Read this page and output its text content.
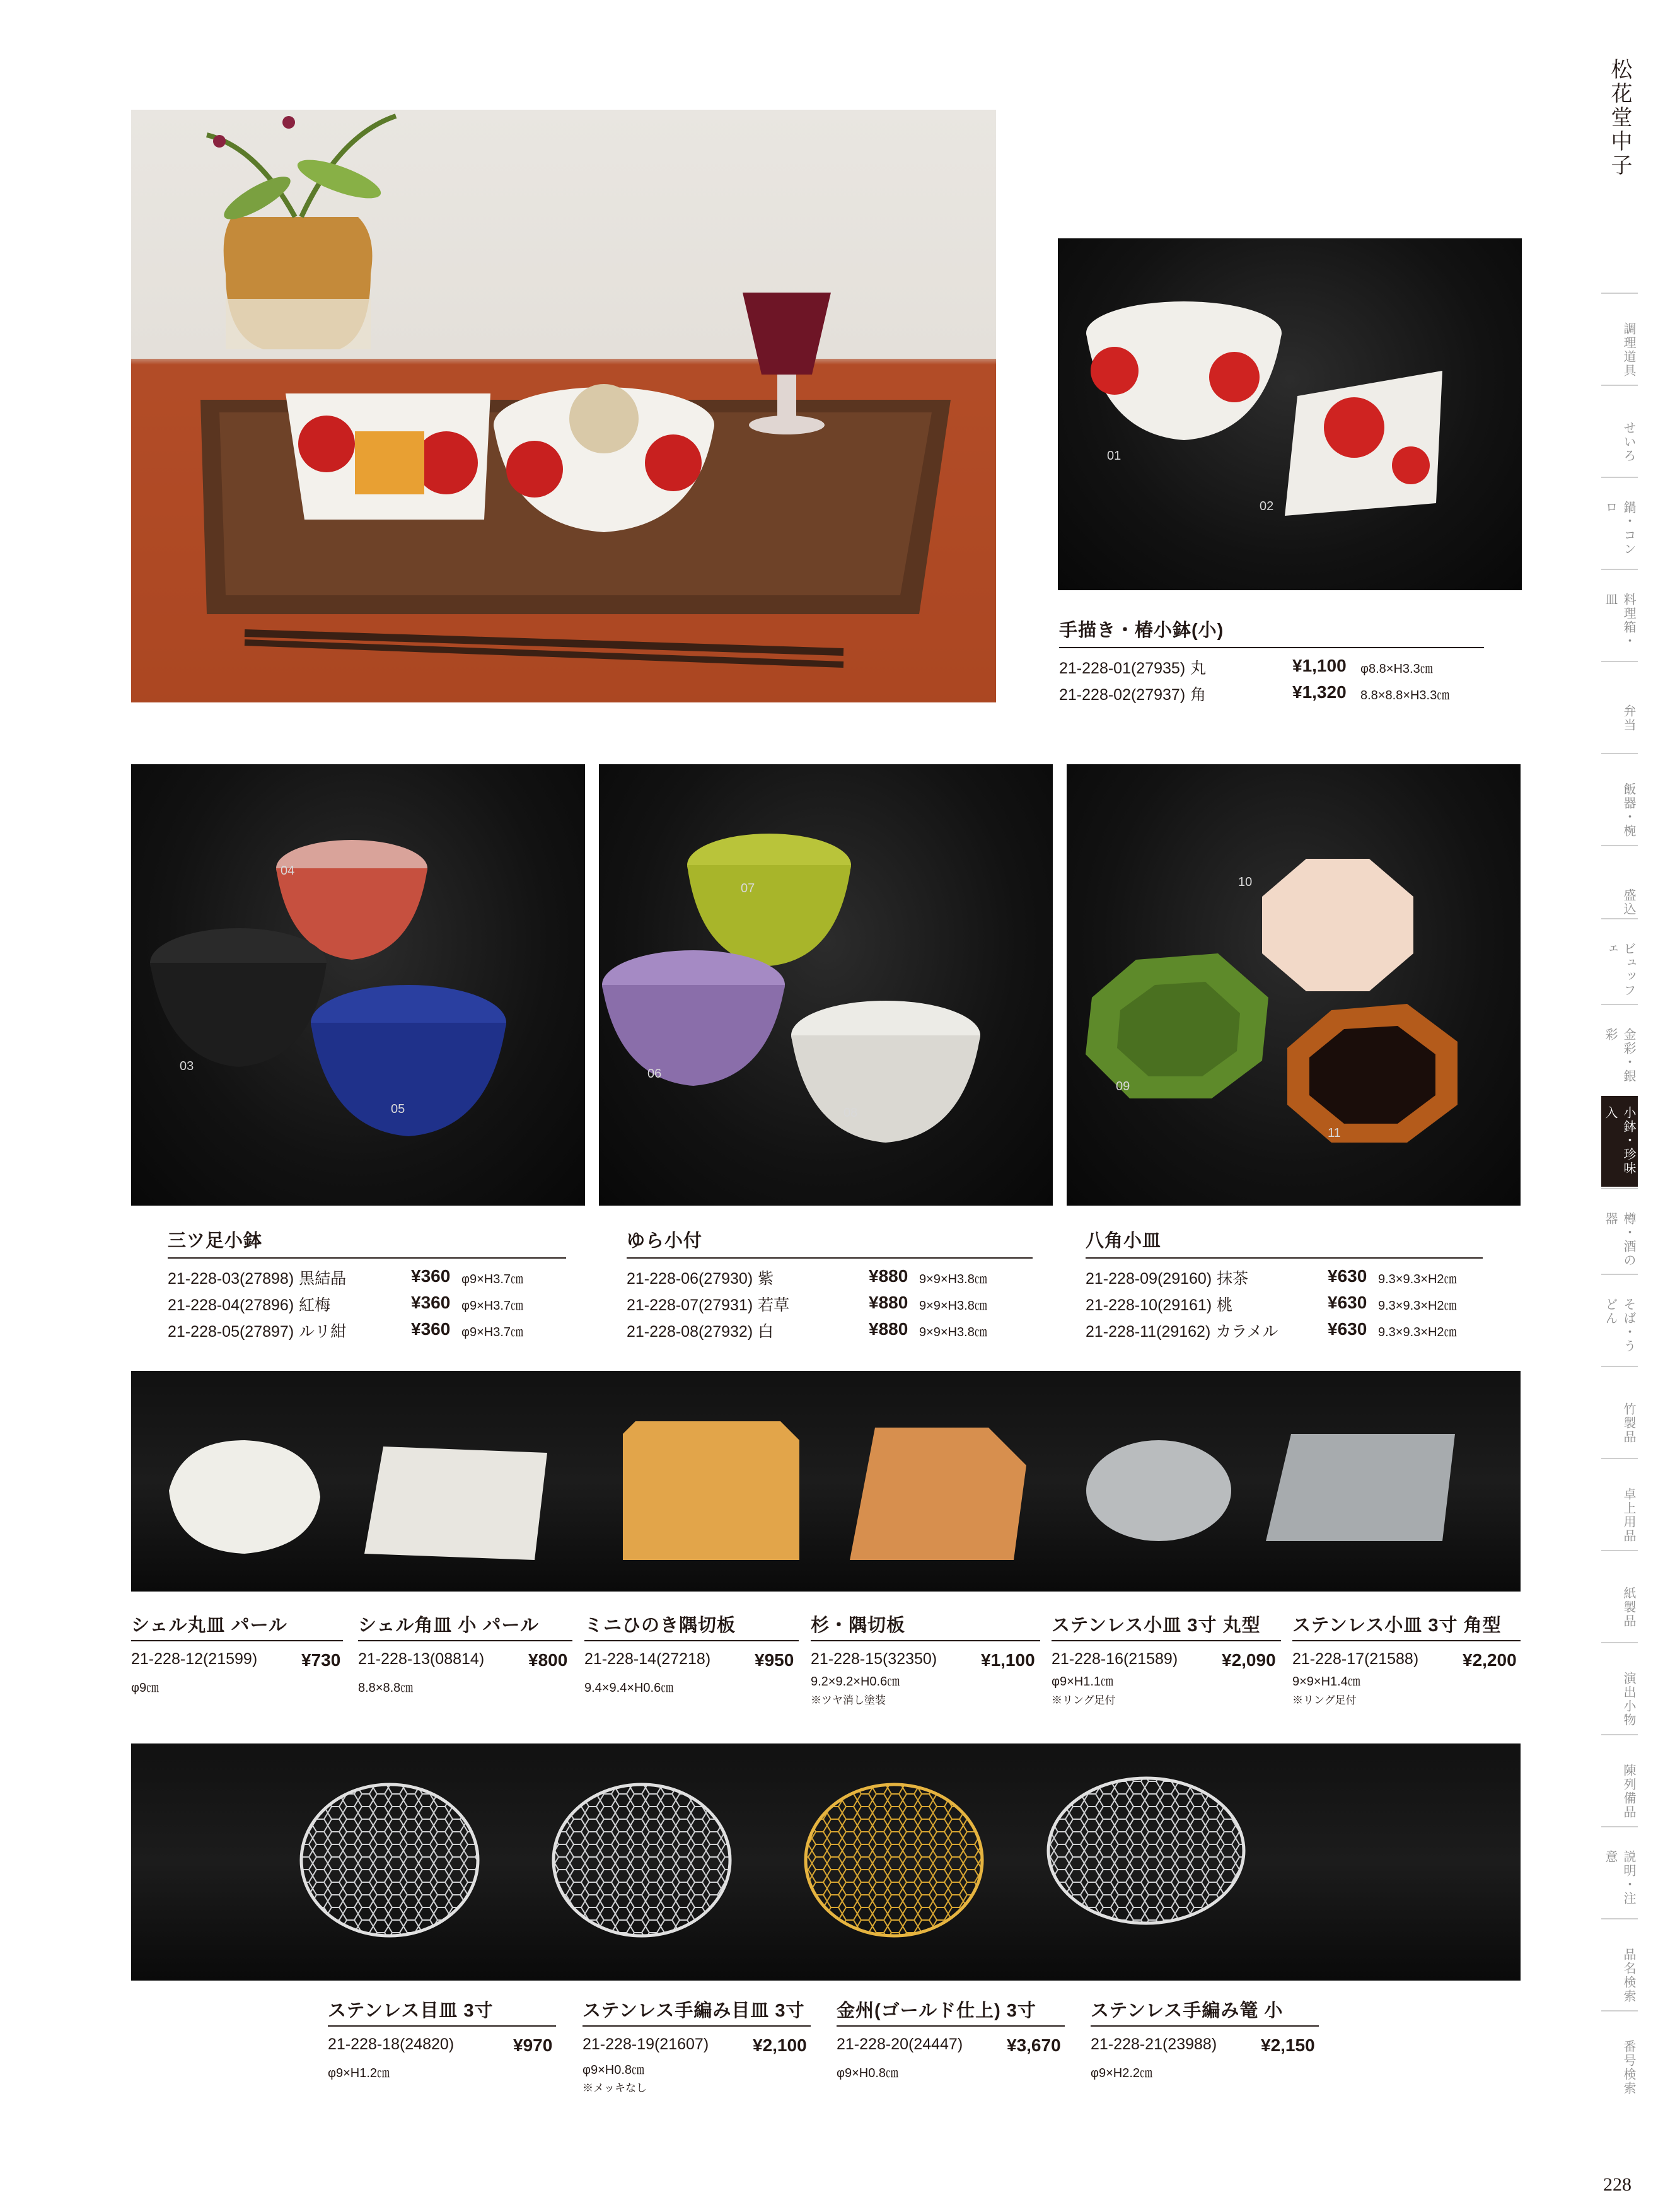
01
02
手描き・椿小鉢(小)
21-228-01(27935) 丸	¥1,100 φ8.8×H3.3㎝
21-228-02(27937) 角	¥1,320 8.8×8.8×H3.3㎝
04
03
05
07
06
08
10
09
11
三ツ足小鉢
21-228-03(27898) 黒結晶	¥360 φ9×H3.7㎝
21-228-04(27896) 紅梅	¥360 φ9×H3.7㎝
21-228-05(27897) ルリ紺	¥360 φ9×H3.7㎝
ゆら小付
21-228-06(27930) 紫	¥880 9×9×H3.8㎝
21-228-07(27931) 若草	¥880 9×9×H3.8㎝
21-228-08(27932) 白	¥880 9×9×H3.8㎝
八角小皿
21-228-09(29160) 抹茶	¥630 9.3×9.3×H2㎝
21-228-10(29161) 桃	¥630 9.3×9.3×H2㎝
21-228-11(29162) カラメル	¥630 9.3×9.3×H2㎝
シェル丸皿 パール
21-228-12(21599) ¥730
φ9㎝
シェル角皿 小 パール
21-228-13(08814) ¥800
8.8×8.8㎝
ミニひのき隅切板
21-228-14(27218) ¥950
9.4×9.4×H0.6㎝
杉・隅切板
21-228-15(32350) ¥1,100
9.2×9.2×H0.6㎝
※ツヤ消し塗装
ステンレス小皿 3寸 丸型
21-228-16(21589) ¥2,090
φ9×H1.1㎝
※リング足付
ステンレス小皿 3寸 角型
21-228-17(21588) ¥2,200
9×9×H1.4㎝
※リング足付
ステンレス目皿 3寸
21-228-18(24820)	¥970
φ9×H1.2㎝
ステンレス手編み目皿 3寸
21-228-19(21607) ¥2,100
φ9×H0.8㎝
※メッキなし
金州(ゴールド仕上) 3寸
21-228-20(24447) ¥3,670
φ9×H0.8㎝
ステンレス手編み篭 小
21-228-21(23988) ¥2,150
φ9×H2.2㎝
松花堂中子
調理道具
せいろ
鍋・コンロ
料理箱・皿
弁当
飯器・椀
盛込
ビュッフェ
金彩・銀彩
小鉢・珍味入
樽・酒の器
そば・うどん
竹製品
卓上用品
紙製品
演出小物
陳列備品
説明・注意
品名検索
番号検索
228
